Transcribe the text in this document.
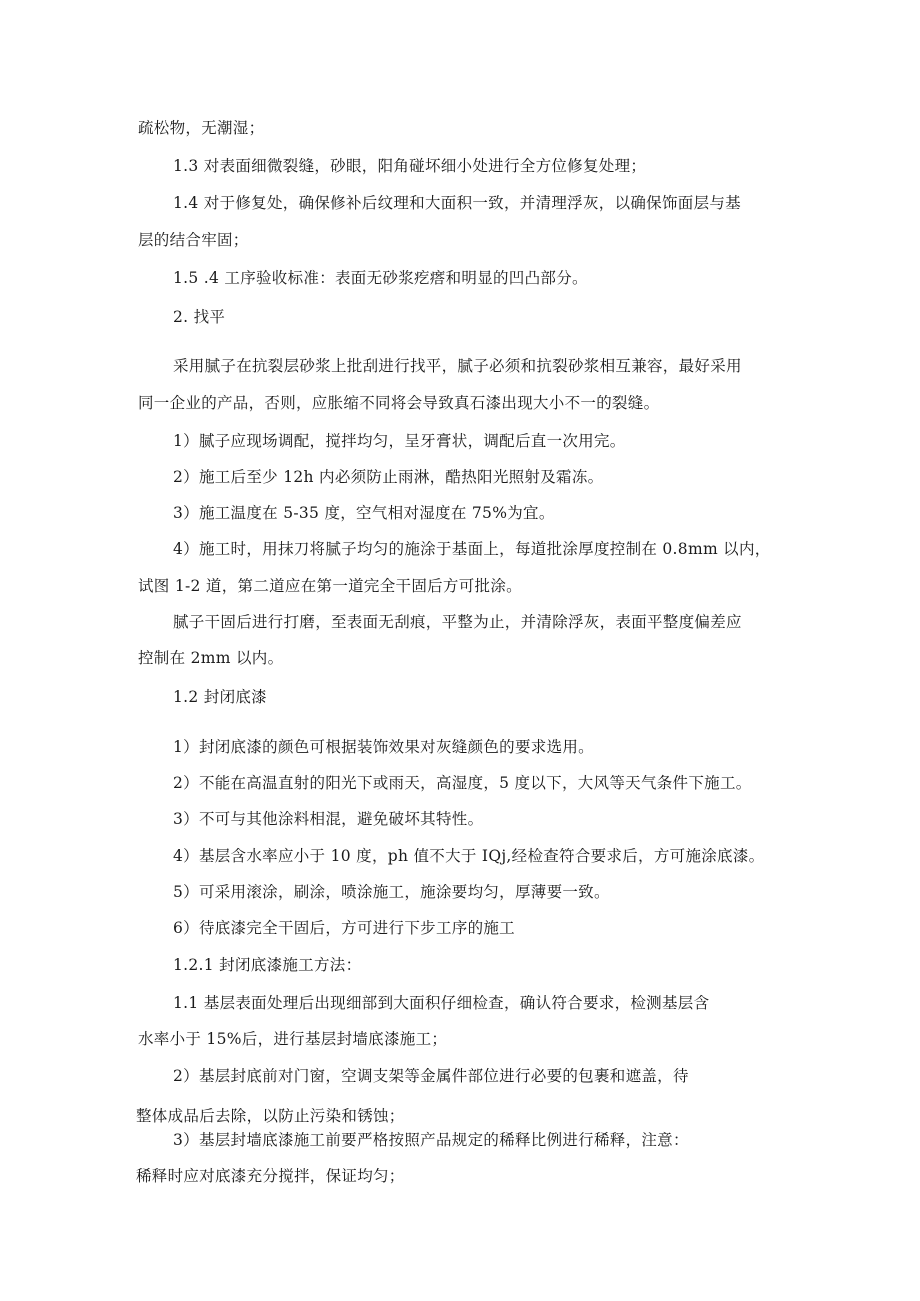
疏松物，无潮湿；
1.3 对表面细微裂缝，砂眼，阳角碰坏细小处进行全方位修复处理；
1.4 对于修复处，确保修补后纹理和大面积一致，并清理浮灰，以确保饰面层与基
层的结合牢固；
1.5 .4 工序验收标准：表面无砂浆疙瘩和明显的凹凸部分。
2. 找平
采用腻子在抗裂层砂浆上批刮进行找平，腻子必须和抗裂砂浆相互兼容，最好采用
同一企业的产品，否则，应胀缩不同将会导致真石漆出现大小不一的裂缝。
1）腻子应现场调配，搅拌均匀，呈牙膏状，调配后直一次用完。
2）施工后至少 12h 内必须防止雨淋，酷热阳光照射及霜冻。
3）施工温度在 5-35 度，空气相对湿度在 75%为宜。
4）施工时，用抹刀将腻子均匀的施涂于基面上，每道批涂厚度控制在 0.8mm 以内，
试图 1-2 道，第二道应在第一道完全干固后方可批涂。
腻子干固后进行打磨，至表面无刮痕，平整为止，并清除浮灰，表面平整度偏差应
控制在 2mm 以内。
1.2 封闭底漆
1）封闭底漆的颜色可根据装饰效果对灰缝颜色的要求选用。
2）不能在高温直射的阳光下或雨天，高湿度，5 度以下，大风等天气条件下施工。
3）不可与其他涂料相混，避免破坏其特性。
4）基层含水率应小于 10 度，ph 值不大于 IQj,经检查符合要求后，方可施涂底漆。
5）可采用滚涂，刷涂，喷涂施工，施涂要均匀，厚薄要一致。
6）待底漆完全干固后，方可进行下步工序的施工
1.2.1 封闭底漆施工方法：
1.1 基层表面处理后出现细部到大面积仔细检查，确认符合要求，检测基层含
水率小于 15%后，进行基层封墙底漆施工；
2）基层封底前对门窗，空调支架等金属件部位进行必要的包裹和遮盖，待
整体成品后去除，以防止污染和锈蚀；
3）基层封墙底漆施工前要严格按照产品规定的稀释比例进行稀释，注意：
稀释时应对底漆充分搅拌，保证均匀；
